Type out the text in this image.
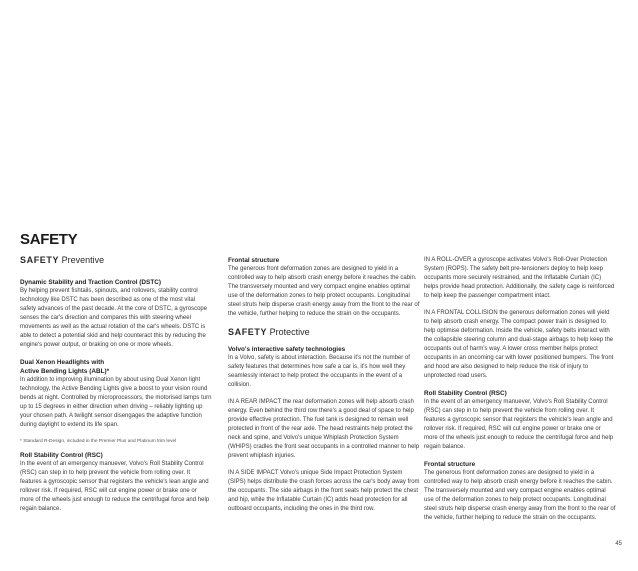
SAFETY
SAFETY Preventive
Dynamic Stability and Traction Control (DSTC)

By helping prevent fishtails, spinouts, and rollovers, stability control technology like DSTC has been described as one of the most vital safety advances of the past decade. At the core of DSTC, a gyroscope senses the car's direction and compares this with steering wheel movements as well as the actual rotation of the car's wheels. DSTC is able to detect a potential skid and help counteract this by reducing the engine's power output, or braking on one or more wheels.

Dual Xenon Headlights with
Active Bending Lights (ABL)*

In addition to improving illumination by about using Dual Xenon light technology, the Active Bending Lights give a boost to your vision round bends at night. Controlled by microprocessors, the motorised lamps turn up to 15 degrees in either direction when driving – reliably lighting up your chosen path. A twilight sensor disengages the adaptive function during daylight to extend its life span.

* Standard R-Design, included in the Premier Plus and Platinum trim level
Roll Stability Control (RSC)

In the event of an emergency manuever, Volvo's Roll Stability Control (RSC) can step in to help prevent the vehicle from rolling over. It features a gyroscopic sensor that registers the vehicle's lean angle and rollover risk. If required, RSC will cut engine power or brake one or more of the wheels just enough to reduce the centrifugal force and help regain balance.

Frontal structure

The generous front deformation zones are designed to yield in a controlled way to help absorb crash energy before it reaches the cabin. The transversely mounted and very compact engine enables optimal use of the deformation zones to help protect occupants. Longitudinal steel struts help disperse crash energy away from the front to the rear of the vehicle, further helping to reduce the strain on the occupants.

SAFETY Protective
Volvo's interactive safety technologies

In a Volvo, safety is about interaction. Because it's not the number of safety features that determines how safe a car is, it's how well they seamlessly interact to help protect the occupants in the event of a collision.

IN A REAR IMPACT the rear deformation zones will help absorb crash energy. Even behind the third row there's a good deal of space to help provide effective protection. The fuel tank is designed to remain well protected in front of the rear axle. The head restraints help protect the neck and spine, and Volvo's unique Whiplash Protection System (WHIPS) cradles the front seat occupants in a controlled manner to help prevent whiplash injuries.

IN A SIDE IMPACT Volvo's unique Side Impact Protection System (SIPS) helps distribute the crash forces across the car's body away from the occupants. The side airbags in the front seats help protect the chest and hip, while the Inflatable Curtain (IC) adds head protection for all outboard occupants, including the ones in the third row.

IN A ROLL-OVER a gyroscope activates Volvo's Roll-Over Protection System (ROPS). The safety belt pre-tensioners deploy to help keep occupants more securely restrained, and the Inflatable Curtain (IC) helps provide head protection. Additionally, the safety cage is reinforced to help keep the passenger compartment intact.

IN A FRONTAL COLLISION the generous deformation zones will yield to help absorb crash energy. The compact power train is designed to help optimise deformation. Inside the vehicle, safety belts interact with the collapsible steering column and dual-stage airbags to help keep the occupants out of harm's way. A lower cross member helps protect occupants in an oncoming car with lower positioned bumpers. The front and hood are also designed to help reduce the risk of injury to unprotected road users.

Roll Stability Control (RSC)

In the event of an emergency manuever, Volvo's Roll Stability Control (RSC) can step in to help prevent the vehicle from rolling over. It features a gyroscopic sensor that registers the vehicle's lean angle and rollover risk. If required, RSC will cut engine power or brake one or more of the wheels just enough to reduce the centrifugal force and help regain balance.

Frontal structure

The generous front deformation zones are designed to yield in a controlled way to help absorb crash energy before it reaches the cabin. The transversely mounted and very compact engine enables optimal use of the deformation zones to help protect occupants. Longitudinal steel struts help disperse crash energy away from the front to the rear of the vehicle, further helping to reduce the strain on the occupants.

45
